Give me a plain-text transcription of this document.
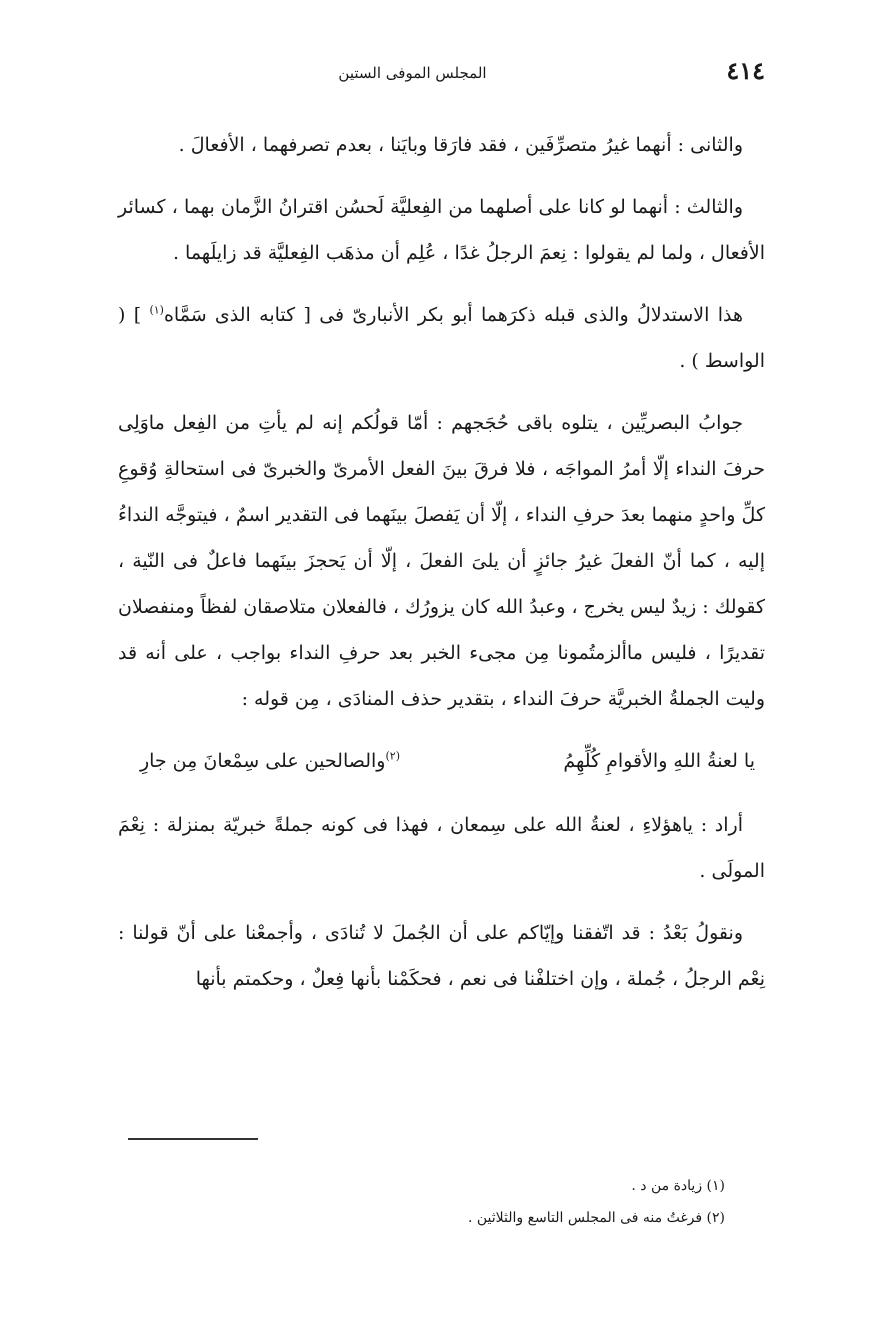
٤١٤
المجلس الموفى الستين

والثانى : أنهما غيرُ متصرِّفَين ، فقد فارَقا وبايَنا ، بعدم تصرفهما ، الأفعالَ .

والثالث : أنهما لو كانا على أصلهما من الفِعليَّة لَحسُن اقترانُ الزَّمان بهما ، كسائر الأفعال ، ولما لم يقولوا : نِعمَ الرجلُ غدًا ، عُلِم أن مذهَب الفِعليَّة قد زايلَهما .

هذا الاستدلالُ والذى قبله ذكرَهما أبو بكر الأنبارىّ فى [ كتابه الذى سَمَّاه$^{(١)}$ ] ( الواسط ) .

جوابُ البصريِّين ، يتلوه باقى حُجَجهم : أمّا قولُكم إنه لم يأتِ من الفِعل ماوَلِى حرفَ النداء إلّا أمرُ المواجَه ، فلا فرقَ بينَ الفعل الأمرىّ والخبرىّ فى استحالةِ وُقوعِ كلِّ واحدٍ منهما بعدَ حرفِ النداء ، إلّا أن يَفصلَ بينَهما فى التقدير اسمٌ ، فيتوجَّه النداءُ إليه ، كما أنّ الفعلَ غيرُ جائزٍ أن يلىَ الفعلَ ، إلّا أن يَحجزَ بينَهما فاعلٌ فى النّية ، كقولك : زيدٌ ليس يخرج ، وعبدُ الله كان يزورُك ، فالفعلان متلاصقان لفظاً ومنفصلان تقديرًا ، فليس ماألزمتُمونا مِن مجىء الخبر بعد حرفِ النداء بواجب ، على أنه قد وليت الجملةُ الخبريَّة حرفَ النداء ، بتقدير حذف المنادَى ، مِن قوله :

يا لعنةُ اللهِ والأقوامِ كُلِّهِمُ
$^{(٢)}$والصالحين على سِمْعانَ مِن جارِ

أراد : ياهؤلاءِ ، لعنةُ الله على سِمعان ، فهذا فى كونه جملةً خبريّة بمنزلة : نِعْمَ المولَى .

ونقولُ بَعْدُ : قد اتّفقنا وإيّاكم على أن الجُملَ لا تُنادَى ، وأجمعْنا على أنّ قولنا : نِعْم الرجلُ ، جُملة ، وإن اختلفْنا فى نعم ، فحكَمْنا بأنها فِعلٌ ، وحكمتم بأنها

(١) زيادة من د .

(٢) فرغتُ منه فى المجلس التاسع والثلاثين .
